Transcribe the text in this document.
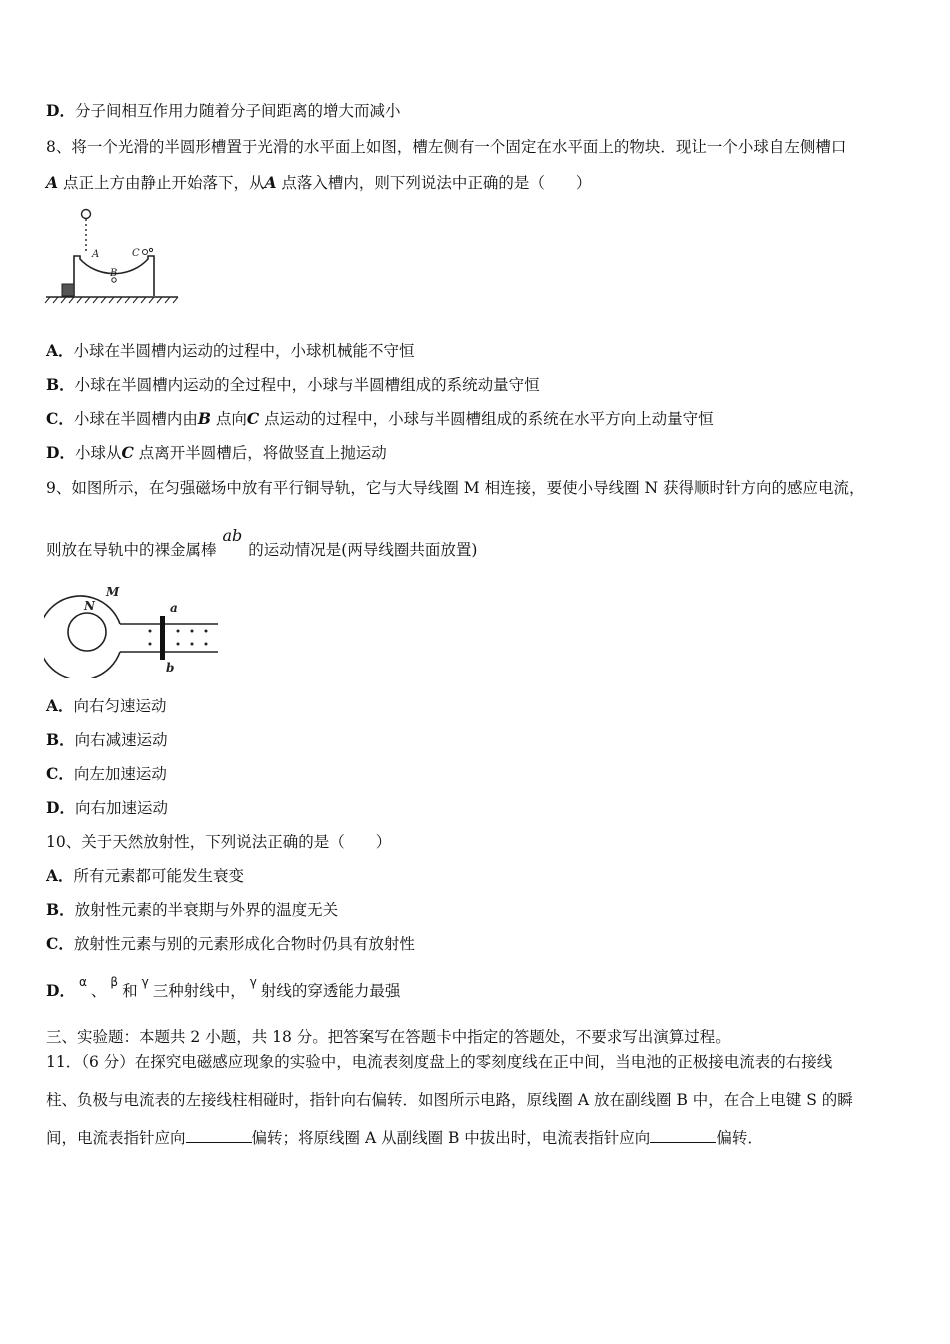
D．分子间相互作用力随着分子间距离的增大而减小
8、将一个光滑的半圆形槽置于光滑的水平面上如图，槽左侧有一个固定在水平面上的物块．现让一个小球自左侧槽口
A 点正上方由静止开始落下，从A 点落入槽内，则下列说法中正确的是（　　）
A
B
C
A．小球在半圆槽内运动的过程中，小球机械能不守恒
B．小球在半圆槽内运动的全过程中，小球与半圆槽组成的系统动量守恒
C．小球在半圆槽内由B 点向C 点运动的过程中，小球与半圆槽组成的系统在水平方向上动量守恒
D．小球从C 点离开半圆槽后，将做竖直上抛运动
9、如图所示，在匀强磁场中放有平行铜导轨，它与大导线圈 M 相连接，要使小导线圈 N 获得顺时针方向的感应电流，
则放在导轨中的裸金属棒ab的运动情况是(两导线圈共面放置)
M
N	a
b
A．向右匀速运动
B．向右减速运动
C．向左加速运动
D．向右加速运动
10、关于天然放射性，下列说法正确的是（　　）
A．所有元素都可能发生衰变
B．放射性元素的半衰期与外界的温度无关
C．放射性元素与别的元素形成化合物时仍具有放射性
D． $^\alpha$ 、 $^\beta$ 和 $^\gamma$ 三种射线中， $^\gamma$ 射线的穿透能力最强
三、实验题：本题共 2 小题，共 18 分。把答案写在答题卡中指定的答题处，不要求写出演算过程。
11．（6 分）在探究电磁感应现象的实验中，电流表刻度盘上的零刻度线在正中间，当电池的正极接电流表的右接线
柱、负极与电流表的左接线柱相碰时，指针向右偏转．如图所示电路，原线圈 A 放在副线圈 B 中，在合上电键 S 的瞬
间，电流表指针应向	偏转；将原线圈 A 从副线圈 B 中拔出时，电流表指针应向	偏转．
